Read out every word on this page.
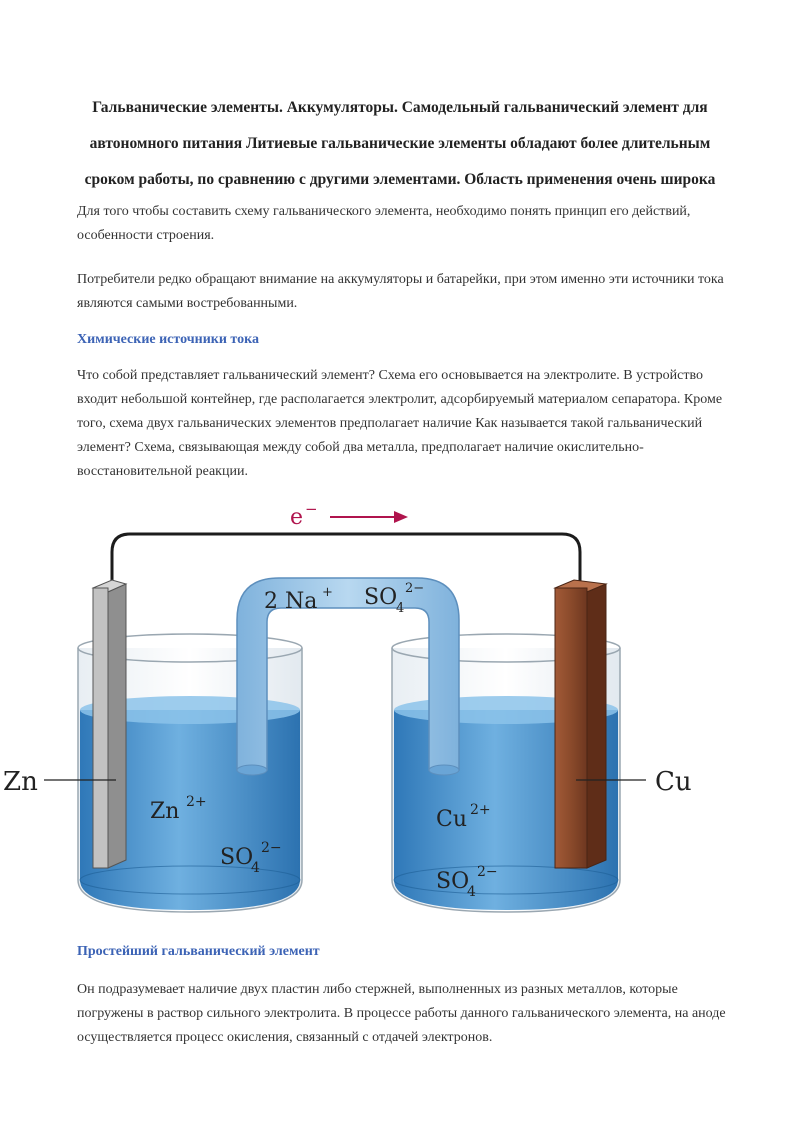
Гальванические элементы. Аккумуляторы. Самодельный гальванический элемент для автономного питания Литиевые гальванические элементы обладают более длительным сроком работы, по сравнению с другими элементами. Область применения очень широка

Для того чтобы составить схему гальванического элемента, необходимо понять принцип его действий, особенности строения.

Потребители редко обращают внимание на аккумуляторы и батарейки, при этом именно эти источники тока являются самыми востребованными.

Химические источники тока

Что собой представляет гальванический элемент? Схема его основывается на электролите. В устройство входит небольшой контейнер, где располагается электролит, адсорбируемый материалом сепаратора. Кроме того, схема двух гальванических элементов предполагает наличие Как называется такой гальванический элемент? Схема, связывающая между собой два металла, предполагает наличие окислительно-восстановительной реакции.

e −
2 Na + SO
4
2−
Zn	Cu
Zn 2+
SO
4
2−
Cu 2+
SO
4
2−

Простейший гальванический элемент

Он подразумевает наличие двух пластин либо стержней, выполненных из разных металлов, которые погружены в раствор сильного электролита. В процессе работы данного гальванического элемента, на аноде осуществляется процесс окисления, связанный с отдачей электронов.
